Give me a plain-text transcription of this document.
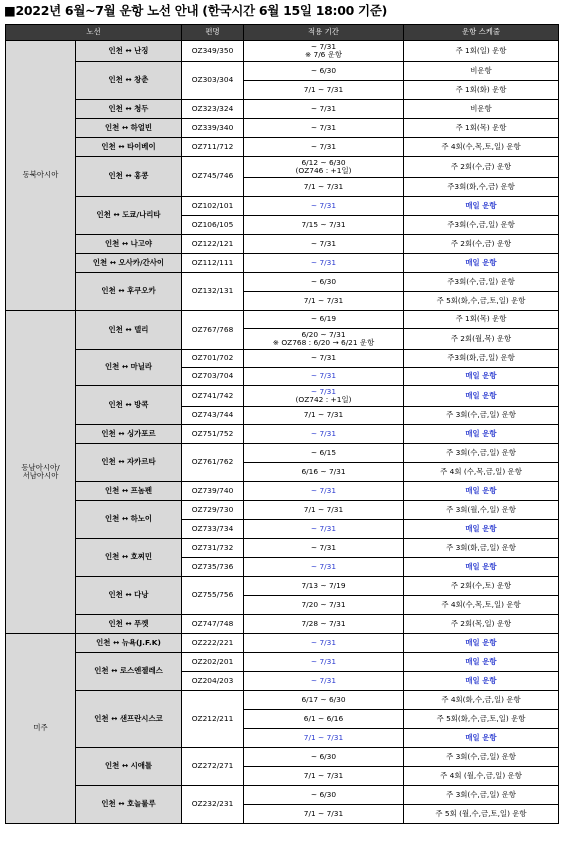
■2022년 6월~7월 운항 노선 안내 (한국시간 6월 15일 18:00 기준)
노선		편명	적용 기간	운항 스케줄
동북아시아	인천 ↔ 난징	OZ349/350	~ 7/31
※ 7/6 운항	주 1회(일) 운항
	인천 ↔ 창춘	OZ303/304	~ 6/30	비운항
			7/1 ~ 7/31	주 1회(화) 운항
	인천 ↔ 청두	OZ323/324	~ 7/31	비운항
	인천 ↔ 하얼빈	OZ339/340	~ 7/31	주 1회(목) 운항
	인천 ↔ 타이베이	OZ711/712	~ 7/31	주 4회(수,목,토,일) 운항
	인천 ↔ 홍콩	OZ745/746	6/12 ~ 6/30
(OZ746 : +1일)	주 2회(수,금) 운항
			7/1 ~ 7/31	주3회(화,수,금) 운항
	인천 ↔ 도쿄/나리타	OZ102/101	~ 7/31	매일 운항
		OZ106/105	7/15 ~ 7/31	주3회(수,금,일) 운항
	인천 ↔ 나고야	OZ122/121	~ 7/31	주 2회(수,금) 운항
	인천 ↔ 오사카/간사이	OZ112/111	~ 7/31	매일 운항
	인천 ↔ 후쿠오카	OZ132/131	~ 6/30	주3회(수,금,일) 운항
			7/1 ~ 7/31	주 5회(화,수,금,토,일) 운항
동남아시아/
서남아시아	인천 ↔ 델리	OZ767/768	~ 6/19	주 1회(목) 운항

			6/20 ~ 7/31
※ OZ768 : 6/20 → 6/21 운항	주 2회(월,목) 운항
	인천 ↔ 마닐라	OZ701/702	~ 7/31	주3회(화,금,일) 운항
		OZ703/704	~ 7/31	매일 운항
	인천 ↔ 방콕	OZ741/742	~ 7/31
(OZ742 : +1일)	매일 운항
		OZ743/744	7/1 ~ 7/31	주 3회(수,금,일) 운항
	인천 ↔ 싱가포르	OZ751/752	~ 7/31	매일 운항
	인천 ↔ 자카르타	OZ761/762	~ 6/15	주 3회(수,금,일) 운항
			6/16 ~ 7/31	주 4회 (수,목,금,일) 운항
	인천 ↔ 프놈펜	OZ739/740	~ 7/31	매일 운항
	인천 ↔ 하노이	OZ729/730	7/1 ~ 7/31	주 3회(월,수,일) 운항
		OZ733/734	~ 7/31	매일 운항
	인천 ↔ 호찌민	OZ731/732	~ 7/31	주 3회(화,금,일) 운항
		OZ735/736	~ 7/31	매일 운항
	인천 ↔ 다낭	OZ755/756	7/13 ~ 7/19	주 2회(수,토) 운항
			7/20 ~ 7/31	주 4회(수,목,토,일) 운항
	인천 ↔ 푸껫	OZ747/748	7/28 ~ 7/31	주 2회(목,일) 운항
미주	인천 ↔ 뉴욕(J.F.K)	OZ222/221	~ 7/31	매일 운항
	인천 ↔ 로스엔젤레스	OZ202/201	~ 7/31	매일 운항
		OZ204/203	~ 7/31	매일 운항
	인천 ↔ 샌프란시스코	OZ212/211	6/17 ~ 6/30	주 4회(화,수,금,일) 운항
			6/1 ~ 6/16	주 5회(화,수,금,토,일) 운항
			7/1 ~ 7/31	매일 운항
	인천 ↔ 시애틀	OZ272/271	~ 6/30	주 3회(수,금,일) 운항
			7/1 ~ 7/31	주 4회 (월,수,금,일) 운항
	인천 ↔ 호놀룰루	OZ232/231	~ 6/30	주 3회(수,금,일) 운항
			7/1 ~ 7/31	주 5회 (월,수,금,토,일) 운항
